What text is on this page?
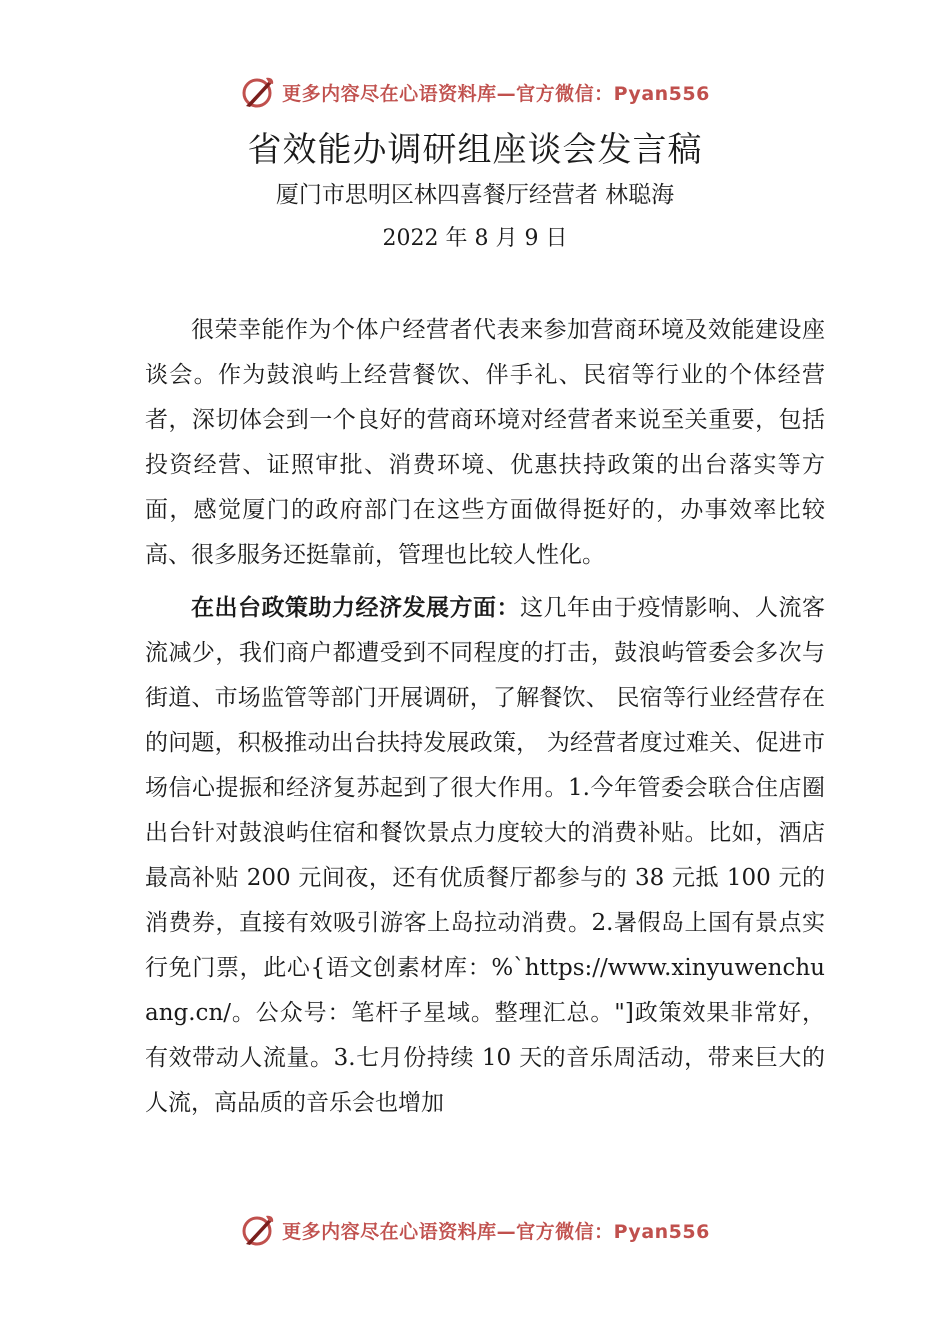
更多内容尽在心语资料库—官方微信：Pyan556
省效能办调研组座谈会发言稿
厦门市思明区林四喜餐厅经营者 林聪海
2022 年 8 月 9 日

很荣幸能作为个体户经营者代表来参加营商环境及效能建设座谈会。作为鼓浪屿上经营餐饮、伴手礼、民宿等行业的个体经营者，深切体会到一个良好的营商环境对经营者来说至关重要，包括投资经营、证照审批、消费环境、优惠扶持政策的出台落实等方面，感觉厦门的政府部门在这些方面做得挺好的，办事效率比较高、很多服务还挺靠前，管理也比较人性化。

在出台政策助力经济发展方面：这几年由于疫情影响、人流客流减少，我们商户都遭受到不同程度的打击，鼓浪屿管委会多次与街道、市场监管等部门开展调研，了解餐饮、 民宿等行业经营存在的问题，积极推动出台扶持发展政策， 为经营者度过难关、促进市场信心提振和经济复苏起到了很大作用。1.今年管委会联合住店圈出台针对鼓浪屿住宿和餐饮景点力度较大的消费补贴。比如，酒店最高补贴 200 元间夜，还有优质餐厅都参与的 38 元抵 100 元的消费券，直接有效吸引游客上岛拉动消费。2.暑假岛上国有景点实行免门票，此心{语文创素材库：%`https://www.xinyuwenchuang.cn/。公众号：笔杆子星域。整理汇总。"]政策效果非常好，有效带动人流量。3.七月份持续 10 天的音乐周活动，带来巨大的人流，高品质的音乐会也增加

更多内容尽在心语资料库—官方微信：Pyan556
